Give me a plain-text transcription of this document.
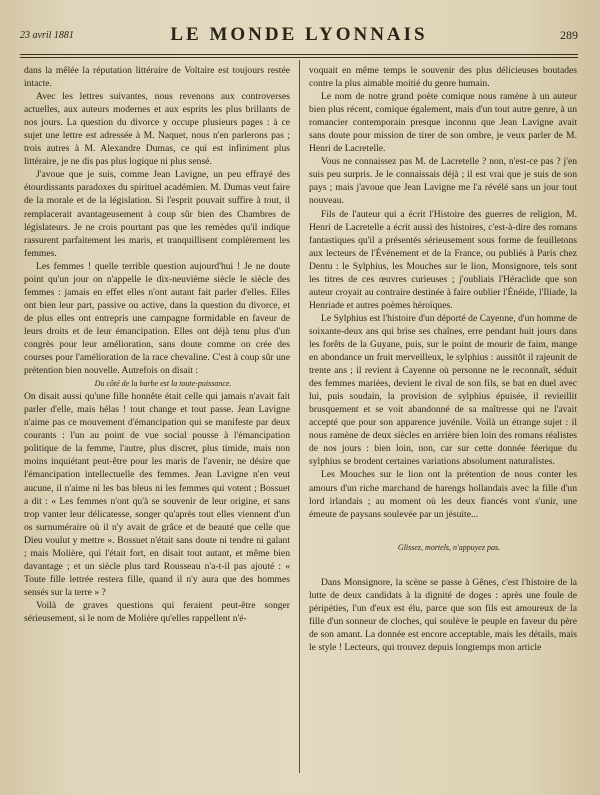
23 avril 1881	LE MONDE LYONNAIS	289

dans la mêlée la réputation littéraire de Voltaire est toujours restée intacte.

Avec les lettres suivantes, nous revenons aux controverses actuelles, aux auteurs modernes et aux esprits les plus brillants de nos jours. La question du divorce y occupe plusieurs pages : à ce sujet une lettre est adressée à M. Naquet, nous n'en parlerons pas ; trois autres à M. Alexandre Dumas, ce qui est infiniment plus littéraire, je ne dis pas plus logique ni plus sensé.

J'avoue que je suis, comme Jean Lavigne, un peu effrayé des étourdissants paradoxes du spirituel académien. M. Dumas veut faire de la morale et de la législation. Si l'esprit pouvait suffire à tout, il remplacerait avantageusement à coup sûr bien des Chambres de législateurs. Je ne crois pourtant pas que les remèdes qu'il indique rassurent parfaitement les maris, et tranquillisent complètement les femmes.

Les femmes ! quelle terrible question aujourd'hui ! Je ne doute point qu'un jour on n'appelle le dix-neuvième siècle le siècle des femmes : jamais en effet elles n'ont autant fait parler d'elles. Elles ont bien leur part, passive ou active, dans la question du divorce, et de plus elles ont entrepris une campagne formidable en faveur de leurs droits et de leur émancipation. Elles ont déjà tenu plus d'un congrès pour leur amélioration, sans doute comme on crée des courses pour l'amélioration de la race chevaline. C'est à coup sûr une prétention bien nouvelle. Autrefois on disait :

Du côté de la barbe est la toute-puissance.

On disait aussi qu'une fille honnête était celle qui jamais n'avait fait parler d'elle, mais hélas ! tout change et tout passe. Jean Lavigne n'aime pas ce mouvement d'émancipation qui se manifeste par deux courants : l'un au point de vue social pousse à l'émancipation politique de la femme, l'autre, plus discret, plus timide, mais non moins inquiétant peut-être pour les maris de l'avenir, ne désire que l'émancipation intellectuelle des femmes. Jean Lavigne n'en veut aucune, il n'aime ni les bas bleus ni les femmes qui votent ; Bossuet a dit : « Les femmes n'ont qu'à se souvenir de leur origine, et sans trop vanter leur délicatesse, songer qu'après tout elles viennent d'un os surnuméraire où il n'y avait de grâce et de beauté que celle que Dieu voulut y mettre ». Bossuet n'était sans doute ni tendre ni galant ; mais Molière, qui l'était fort, en disait tout autant, et même bien davantage ; et un siècle plus tard Rousseau n'a-t-il pas ajouté : « Toute fille lettrée restera fille, quand il n'y aura que des hommes sensés sur la terre » ?

Voilà de graves questions qui feraient peut-être songer sérieusement, si le nom de Molière qu'elles rappellent n'é-

voquait en même temps le souvenir des plus délicieuses boutades contre la plus aimable moitié du genre humain.

Le nom de notre grand poète comique nous ramène à un auteur bien plus récent, comique également, mais d'un tout autre genre, à un romancier contemporain presque inconnu que Jean Lavigne avait sans doute pour mission de tirer de son ombre, je veux parler de M. Henri de Lacretelle.

Vous ne connaissez pas M. de Lacretelle ? non, n'est-ce pas ? j'en suis peu surpris. Je le connaissais déjà ; il est vrai que je suis de son pays ; mais j'avoue que Jean Lavigne me l'a révélé sans un jour tout nouveau.

Fils de l'auteur qui a écrit l'Histoire des guerres de religion, M. Henri de Lacretelle a écrit aussi des histoires, c'est-à-dire des romans fantastiques qu'il a présentés sérieusement sous forme de feuilletons aux lecteurs de l'Événement et de la France, ou publiés à Paris chez Dentu : le Sylphius, les Mouches sur le lion, Monsignore, tels sont les titres de ces œuvres curieuses ; j'oubliais l'Héraclide que son auteur croyait au contraire destinée à faire oublier l'Énéide, l'Iliade, la Henriade et autres poèmes héroïques.

Le Sylphius est l'histoire d'un déporté de Cayenne, d'un homme de soixante-deux ans qui brise ses chaînes, erre pendant huit jours dans les forêts de la Guyane, puis, sur le point de mourir de faim, mange en abondance un fruit merveilleux, le sylphius : aussitôt il rajeunit de trente ans ; il revient à Cayenne où personne ne le reconnaît, séduit des femmes mariées, devient le rival de son fils, se bat en duel avec lui, puis soudain, la provision de sylphius épuisée, il revieillit brusquement et se voit abandonné de sa maîtresse qui ne l'avait accepté que pour son apparence juvénile. Voilà un étrange sujet : il nous ramène de deux siècles en arrière bien loin des romans réalistes de nos jours : bien loin, non, car sur cette donnée féerique du sylphius se brodent certaines variations absolument naturalistes.

Les Mouches sur le lion ont la prétention de nous conter les amours d'un riche marchand de harengs hollandais avec la fille d'un lord irlandais ; au moment où les deux fiancés vont s'unir, une émeute de paysans soulevée par un jésuite...

Glissez, mortels, n'appuyez pas.

Dans Monsignore, la scène se passe à Gênes, c'est l'histoire de la lutte de deux candidats à la dignité de doges : après une foule de péripéties, l'un d'eux est élu, parce que son fils est amoureux de la fille d'un sonneur de cloches, qui soulève le peuple en faveur du père de son amant. La donnée est encore acceptable, mais les détails, mais le style ! Lecteurs, qui trouvez depuis longtemps mon article
